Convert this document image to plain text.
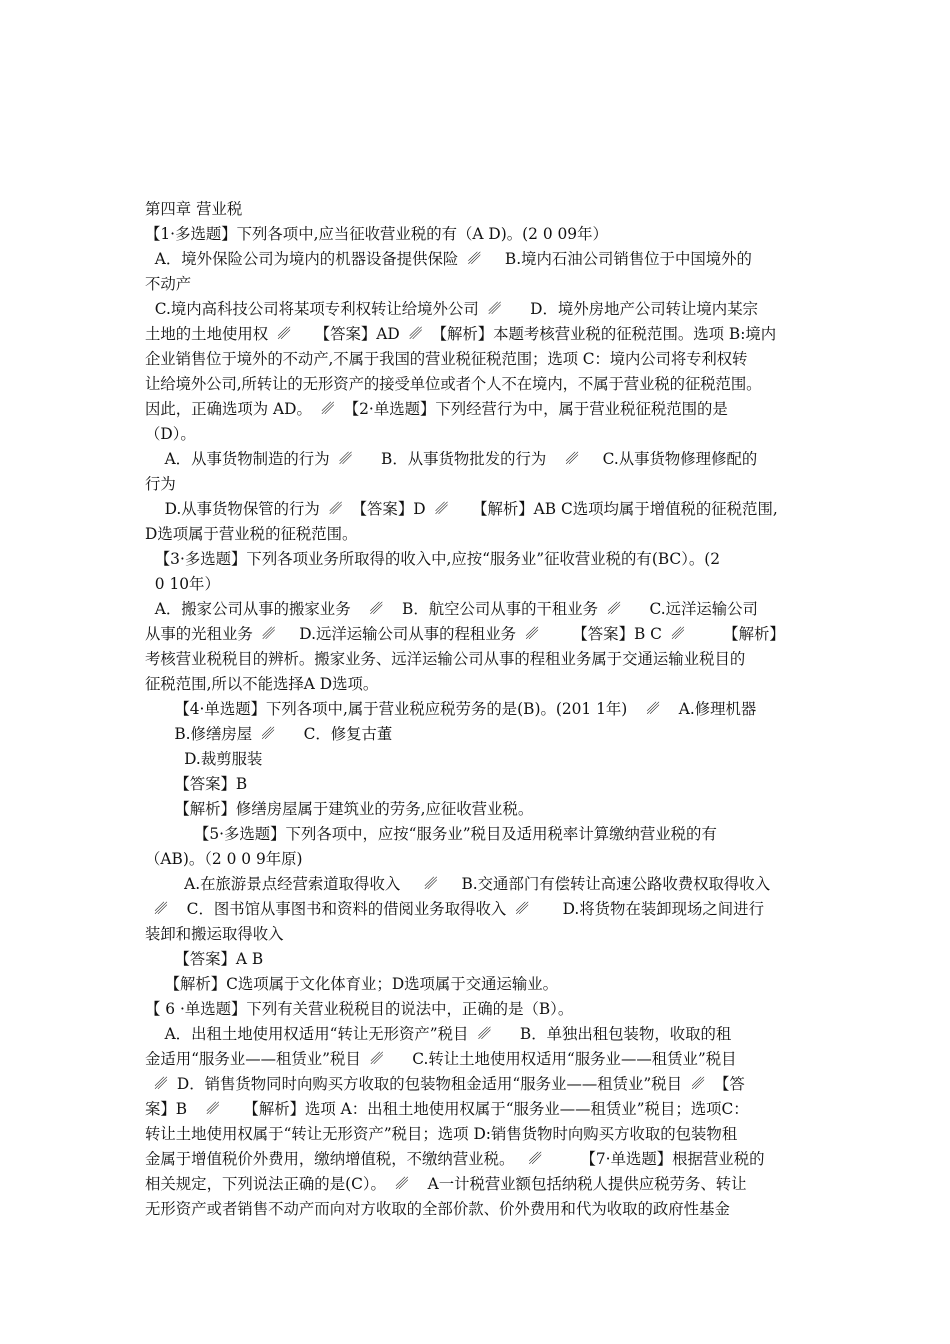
第四章 营业税
【1·多选题】下列各项中,应当征收营业税的有（A D)。(2 0 09年）
A．境外保险公司为境内的机器设备提供保险  ␥     B.境内石油公司销售位于中国境外的
不动产
C.境内高科技公司将某项专利权转让给境外公司  ␥      D．境外房地产公司转让境内某宗
土地的土地使用权  ␥     【答案】AD  ␥  【解析】本题考核营业税的征税范围。选项 B:境内
企业销售位于境外的不动产,不属于我国的营业税征税范围；选项 C：境内公司将专利权转
让给境外公司,所转让的无形资产的接受单位或者个人不在境内，不属于营业税的征税范围。
因此，正确选项为 AD。  ␥  【2·单选题】下列经营行为中，属于营业税征税范围的是
（D）。
A．从事货物制造的行为  ␥      B．从事货物批发的行为    ␥     C.从事货物修理修配的
行为
D.从事货物保管的行为  ␥  【答案】D  ␥     【解析】AB C选项均属于增值税的征税范围,
D选项属于营业税的征税范围。
【3·多选题】下列各项业务所取得的收入中,应按“服务业”征收营业税的有(BC）。(2
0 10年）
A．搬家公司从事的搬家业务    ␥    B．航空公司从事的干租业务  ␥      C.远洋运输公司
从事的光租业务  ␥     D.远洋运输公司从事的程租业务  ␥       【答案】B C  ␥        【解析】
考核营业税税目的辨析。搬家业务、远洋运输公司从事的程租业务属于交通运输业税目的
征税范围,所以不能选择A D选项。
【4·单选题】下列各项中,属于营业税应税劳务的是(B)。(201 1年)    ␥    A.修理机器
B.修缮房屋  ␥      C．修复古董
D.裁剪服装
【答案】B
【解析】修缮房屋属于建筑业的劳务,应征收营业税。
【5·多选题】下列各项中，应按“服务业”税目及适用税率计算缴纳营业税的有
（AB)。（2 0 0 9年原)
A.在旅游景点经营索道取得收入     ␥     B.交通部门有偿转让高速公路收费权取得收入
␥    C．图书馆从事图书和资料的借阅业务取得收入  ␥       D.将货物在装卸现场之间进行
装卸和搬运取得收入
【答案】A B
【解析】C选项属于文化体育业；D选项属于交通运输业。
【 6 ·单选题】下列有关营业税税目的说法中，正确的是（B）。
A．出租土地使用权适用“转让无形资产”税目  ␥      B．单独出租包装物，收取的租
金适用“服务业——租赁业”税目  ␥      C.转让土地使用权适用“服务业——租赁业”税目
␥  D．销售货物同时向购买方收取的包装物租金适用“服务业——租赁业”税目  ␥  【答
案】B    ␥     【解析】选项 A：出租土地使用权属于“服务业——租赁业”税目；选项C：
转让土地使用权属于“转让无形资产”税目；选项 D:销售货物时向购买方收取的包装物租
金属于增值税价外费用，缴纳增值税，不缴纳营业税。   ␥        【7·单选题】根据营业税的
相关规定，下列说法正确的是(C）。  ␥    A一计税营业额包括纳税人提供应税劳务、转让
无形资产或者销售不动产而向对方收取的全部价款、价外费用和代为收取的政府性基金
